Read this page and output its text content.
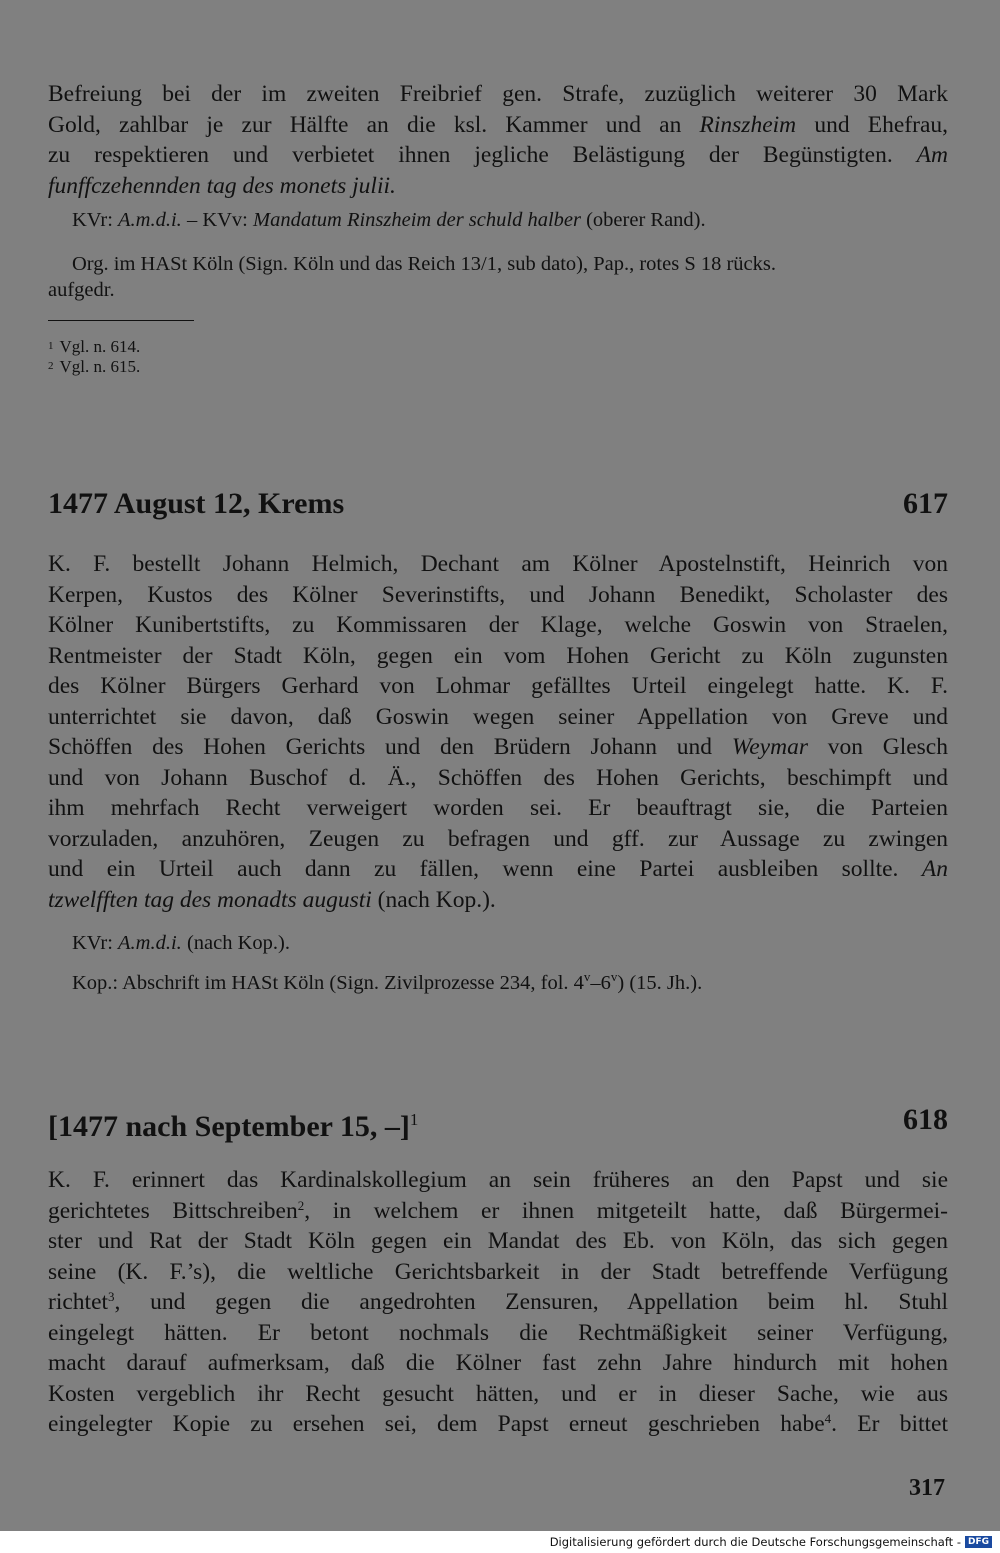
Befreiung bei der im zweiten Freibrief gen. Strafe, zuzüglich weiterer 30 Mark
Gold, zahlbar je zur Hälfte an die ksl. Kammer und an Rinszheim und Ehefrau,
zu respektieren und verbietet ihnen jegliche Belästigung der Begünstigten. Am
funffczehennden tag des monets julii.

KVr: A.m.d.i. – KVv: Mandatum Rinszheim der schuld halber (oberer Rand).

Org. im HASt Köln (Sign. Köln und das Reich 13/1, sub dato), Pap., rotes S 18 rücks.

aufgedr.

$^1$ Vgl. n. 614.
$^2$ Vgl. n. 615.
1477 August 12, Krems	617

K. F. bestellt Johann Helmich, Dechant am Kölner Apostelnstift, Heinrich von
Kerpen, Kustos des Kölner Severinstifts, und Johann Benedikt, Scholaster des
Kölner Kunibertstifts, zu Kommissaren der Klage, welche Goswin von Straelen,
Rentmeister der Stadt Köln, gegen ein vom Hohen Gericht zu Köln zugunsten
des Kölner Bürgers Gerhard von Lohmar gefälltes Urteil eingelegt hatte. K. F.
unterrichtet sie davon, daß Goswin wegen seiner Appellation von Greve und
Schöffen des Hohen Gerichts und den Brüdern Johann und Weymar von Glesch
und von Johann Buschof d. Ä., Schöffen des Hohen Gerichts, beschimpft und
ihm mehrfach Recht verweigert worden sei. Er beauftragt sie, die Parteien
vorzuladen, anzuhören, Zeugen zu befragen und gff. zur Aussage zu zwingen
und ein Urteil auch dann zu fällen, wenn eine Partei ausbleiben sollte. An
tzwelfften tag des monadts augusti (nach Kop.).

KVr: A.m.d.i. (nach Kop.).

Kop.: Abschrift im HASt Köln (Sign. Zivilprozesse 234, fol. 4$^v$–6$^v$) (15. Jh.).

[1477 nach September 15, –]$^1$	618

K. F. erinnert das Kardinalskollegium an sein früheres an den Papst und sie
gerichtetes Bittschreiben$^2$, in welchem er ihnen mitgeteilt hatte, daß Bürgermei-
ster und Rat der Stadt Köln gegen ein Mandat des Eb. von Köln, das sich gegen
seine (K. F.’s), die weltliche Gerichtsbarkeit in der Stadt betreffende Verfügung
richtet$^3$, und gegen die angedrohten Zensuren, Appellation beim hl. Stuhl
eingelegt hätten. Er betont nochmals die Rechtmäßigkeit seiner Verfügung,
macht darauf aufmerksam, daß die Kölner fast zehn Jahre hindurch mit hohen
Kosten vergeblich ihr Recht gesucht hätten, und er in dieser Sache, wie aus
eingelegter Kopie zu ersehen sei, dem Papst erneut geschrieben habe$^4$. Er bittet

317
Digitalisierung gefördert durch die Deutsche Forschungsgemeinschaft - DFG
